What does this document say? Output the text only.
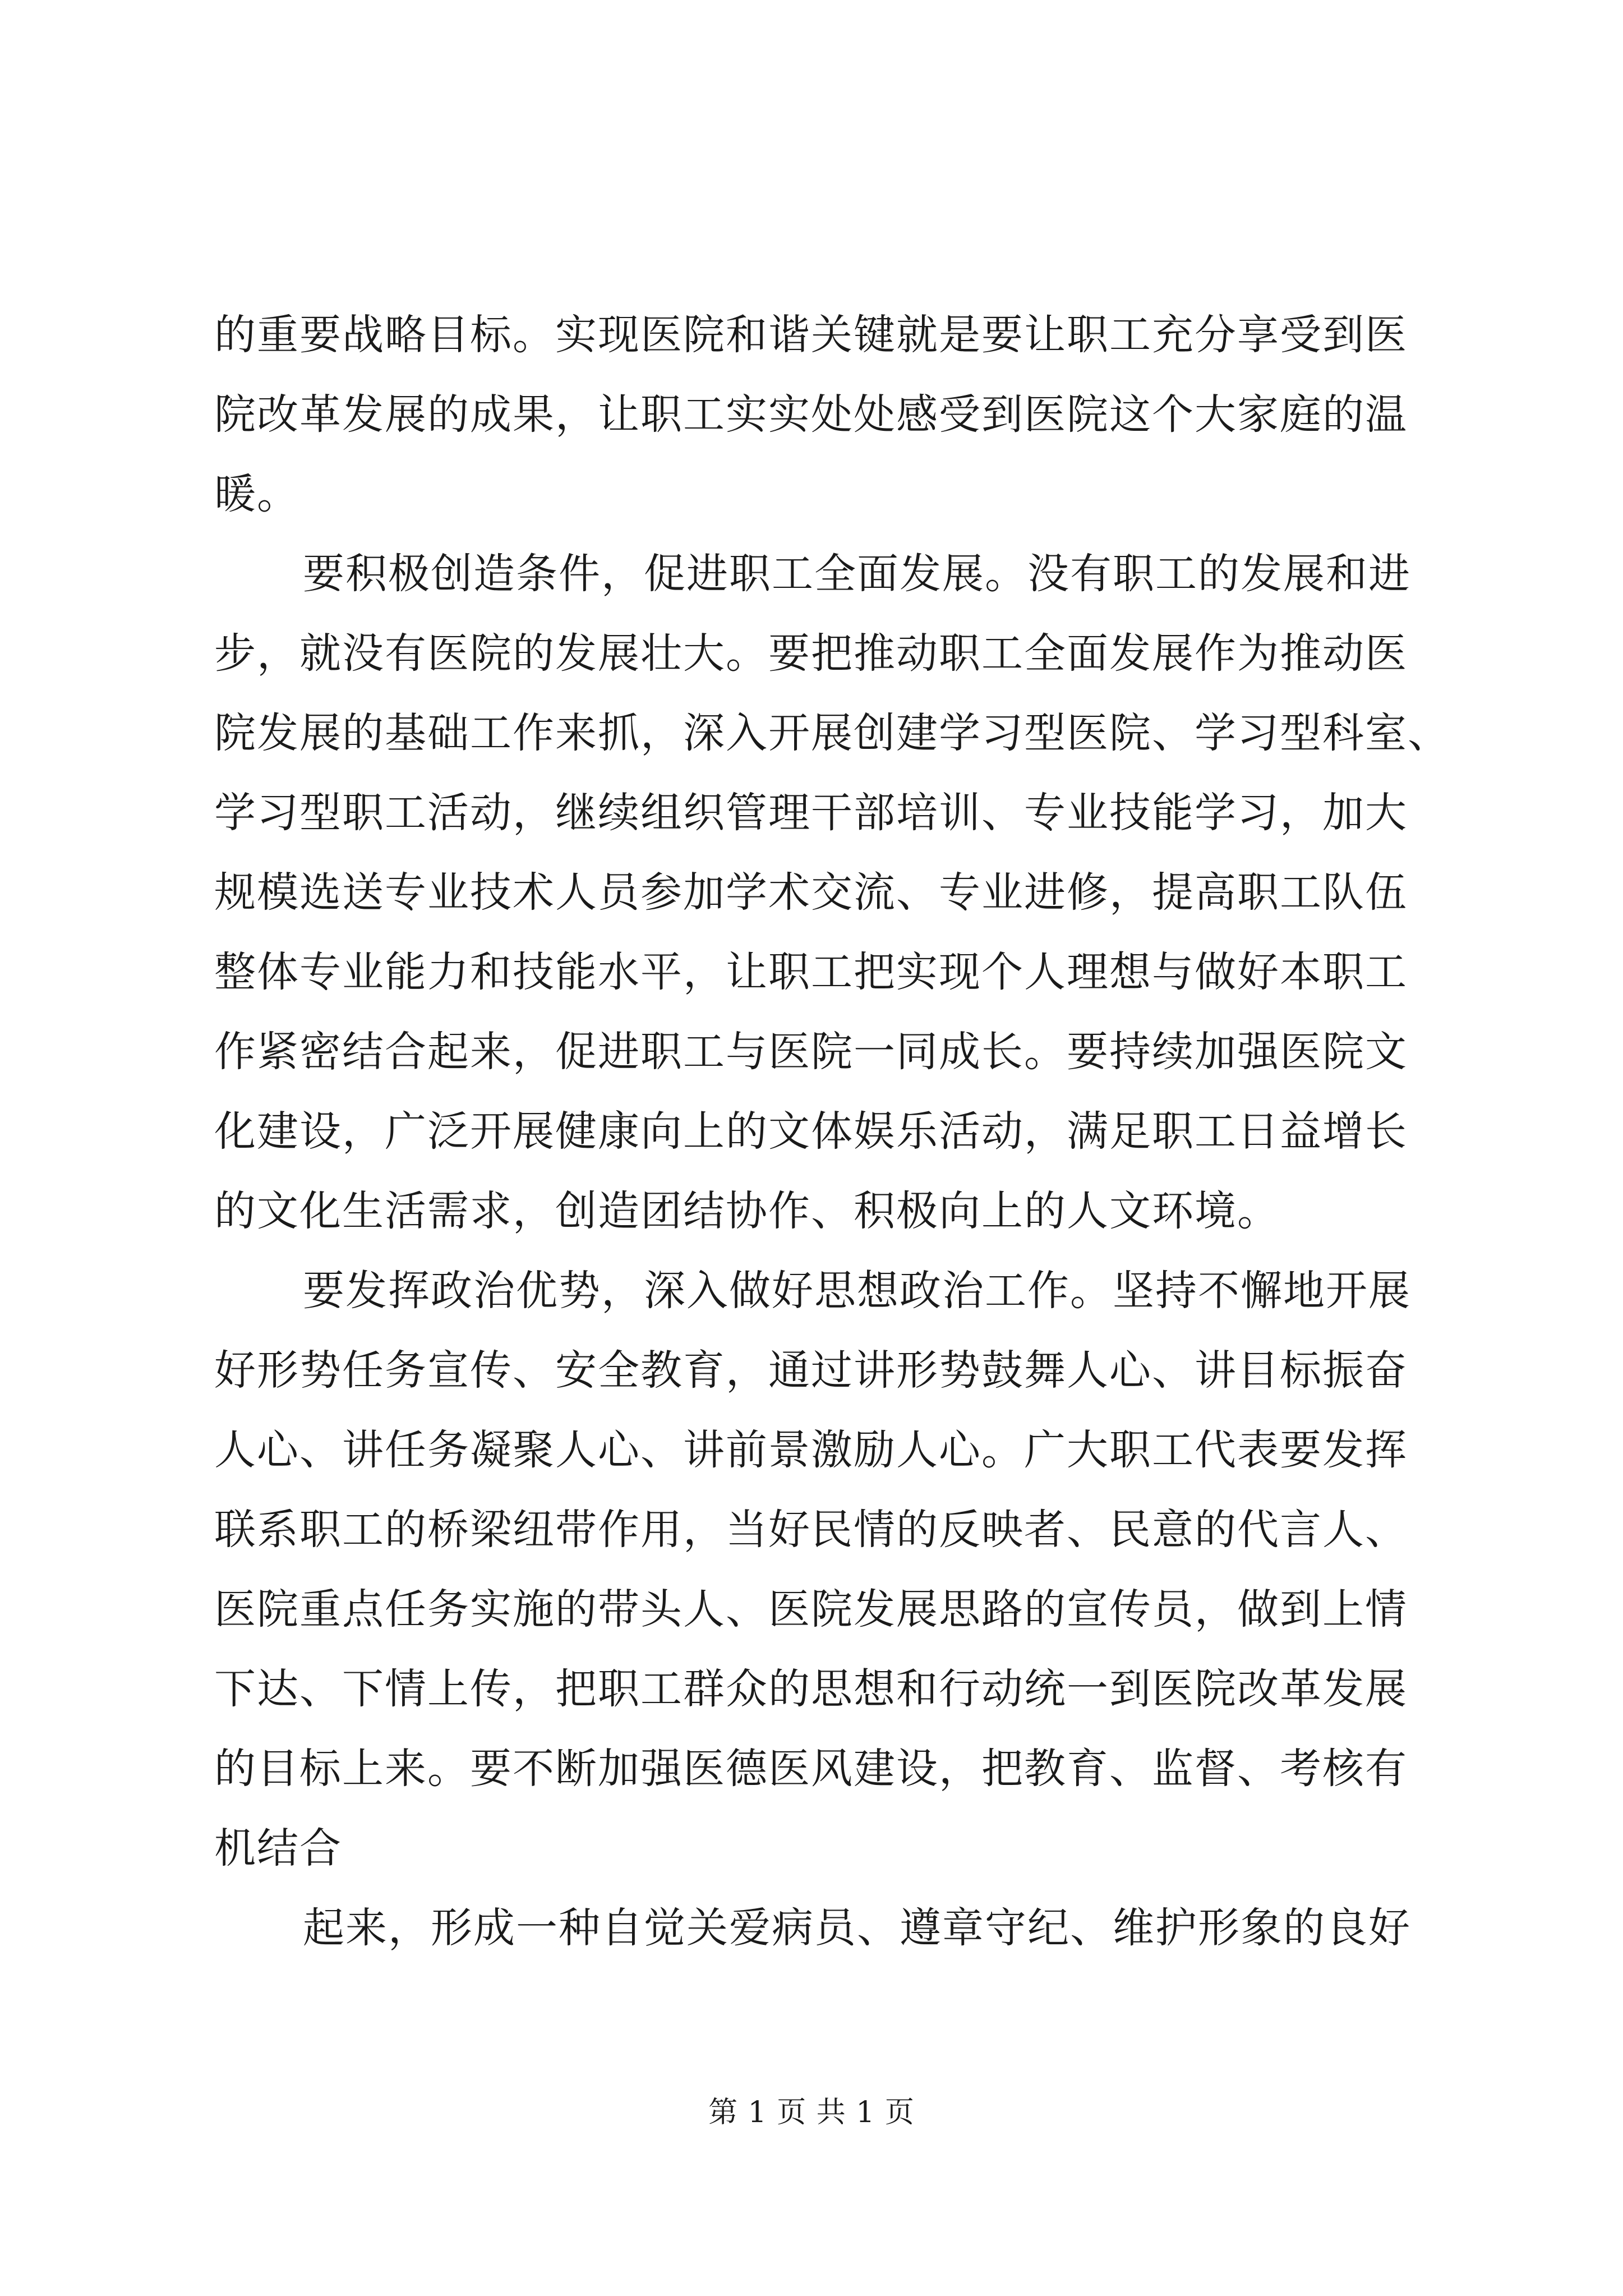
的重要战略目标。实现医院和谐关键就是要让职工充分享受到医
院改革发展的成果，让职工实实处处感受到医院这个大家庭的温
暖。
要积极创造条件，促进职工全面发展。没有职工的发展和进
步，就没有医院的发展壮大。要把推动职工全面发展作为推动医
院发展的基础工作来抓，深入开展创建学习型医院、学习型科室、
学习型职工活动，继续组织管理干部培训、专业技能学习，加大
规模选送专业技术人员参加学术交流、专业进修，提高职工队伍
整体专业能力和技能水平，让职工把实现个人理想与做好本职工
作紧密结合起来，促进职工与医院一同成长。要持续加强医院文
化建设，广泛开展健康向上的文体娱乐活动，满足职工日益增长
的文化生活需求，创造团结协作、积极向上的人文环境。
要发挥政治优势，深入做好思想政治工作。坚持不懈地开展
好形势任务宣传、安全教育，通过讲形势鼓舞人心、讲目标振奋
人心、讲任务凝聚人心、讲前景激励人心。广大职工代表要发挥
联系职工的桥梁纽带作用，当好民情的反映者、民意的代言人、
医院重点任务实施的带头人、医院发展思路的宣传员，做到上情
下达、下情上传，把职工群众的思想和行动统一到医院改革发展
的目标上来。要不断加强医德医风建设，把教育、监督、考核有
机结合
起来，形成一种自觉关爱病员、遵章守纪、维护形象的良好
第 1 页 共 1 页
